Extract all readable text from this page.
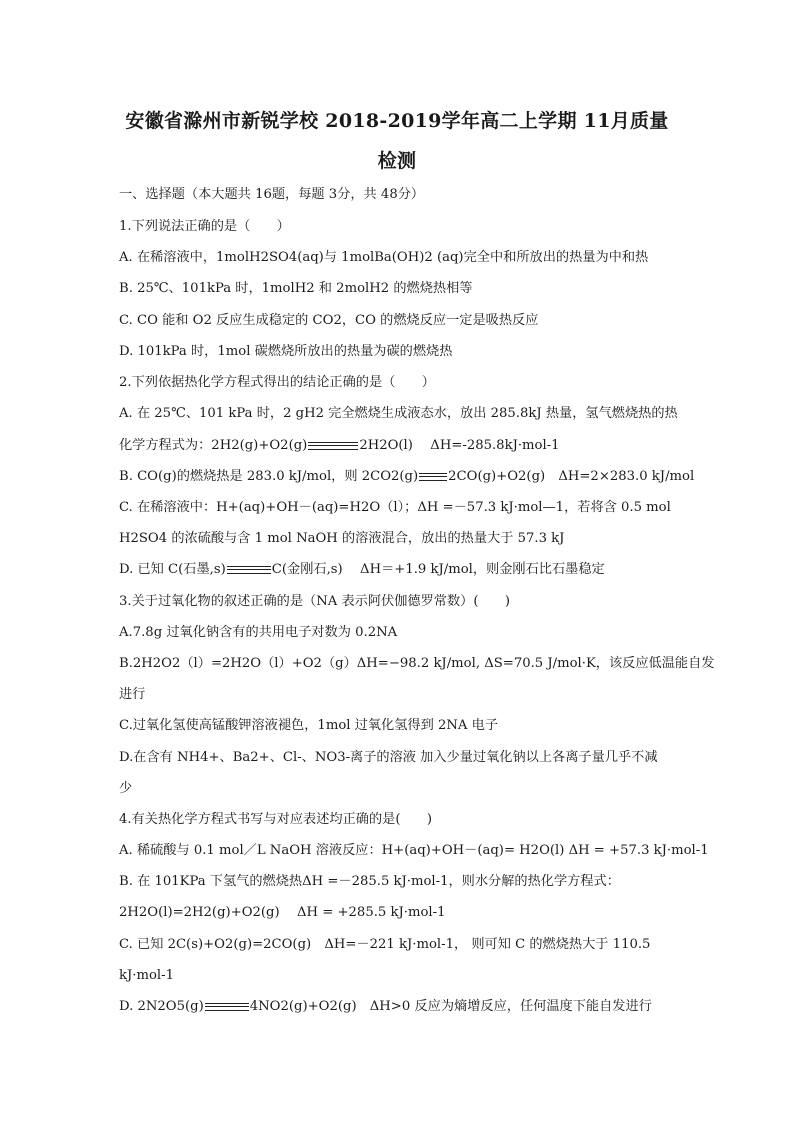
安徽省滁州市新锐学校 2018-2019学年高二上学期 11月质量
检测
一、选择题（本大题共 16题，每题 3分，共 48分）
1.下列说法正确的是（　　）
A. 在稀溶液中，1molH2SO4(aq)与 1molBa(OH)2 (aq)完全中和所放出的热量为中和热
B. 25℃、101kPa 时，1molH2 和 2molH2 的燃烧热相等
C. CO 能和 O2 反应生成稳定的 CO2，CO 的燃烧反应一定是吸热反应
D. 101kPa 时，1mol 碳燃烧所放出的热量为碳的燃烧热
2.下列依据热化学方程式得出的结论正确的是（　　）
A. 在 25℃、101 kPa 时，2 gH2 完全燃烧生成液态水，放出 285.8kJ 热量，氢气燃烧热的热
化学方程式为：2H2(g)+O2(g)	2H2O(l)　 ΔH=-285.8kJ·mol-1
B. CO(g)的燃烧热是 283.0 kJ/mol，则 2CO2(g) 2CO(g)+O2(g)　ΔH=2×283.0 kJ/mol
C. 在稀溶液中：H+(aq)+OH－(aq)=H2O（l）；ΔH =－57.3 kJ·mol—1，若将含 0.5 mol
H2SO4 的浓硫酸与含 1 mol NaOH 的溶液混合，放出的热量大于 57.3 kJ
D. 已知 C(石墨,s)	C(金刚石,s)　 ΔH＝+1.9 kJ/mol，则金刚石比石墨稳定
3.关于过氧化物的叙述正确的是（NA 表示阿伏伽德罗常数）(　　)
A.7.8g 过氧化钠含有的共用电子对数为 0.2NA
B.2H2O2（l）=2H2O（l）+O2（g）ΔH=−98.2 kJ/mol, ΔS=70.5 J/mol·K，该反应低温能自发
进行
C.过氧化氢使高锰酸钾溶液褪色，1mol 过氧化氢得到 2NA 电子
D.在含有 NH4+、Ba2+、Cl-、NO3-离子的溶液 加入少量过氧化钠以上各离子量几乎不减
少
4.有关热化学方程式书写与对应表述均正确的是(　　)
A. 稀硫酸与 0.1 mol／L NaOH 溶液反应：H+(aq)+OH－(aq)= H2O(l) ΔH = +57.3 kJ·mol-1
B. 在 101KPa 下氢气的燃烧热ΔH =－285.5 kJ·mol-1，则水分解的热化学方程式：
2H2O(l)=2H2(g)+O2(g)　 ΔH = +285.5 kJ·mol-1
C. 已知 2C(s)+O2(g)=2CO(g)　ΔH=－221 kJ·mol-1， 则可知 C 的燃烧热大于 110.5
kJ·mol-1
D. 2N2O5(g)	4NO2(g)+O2(g)　ΔH>0 反应为熵增反应，任何温度下能自发进行
